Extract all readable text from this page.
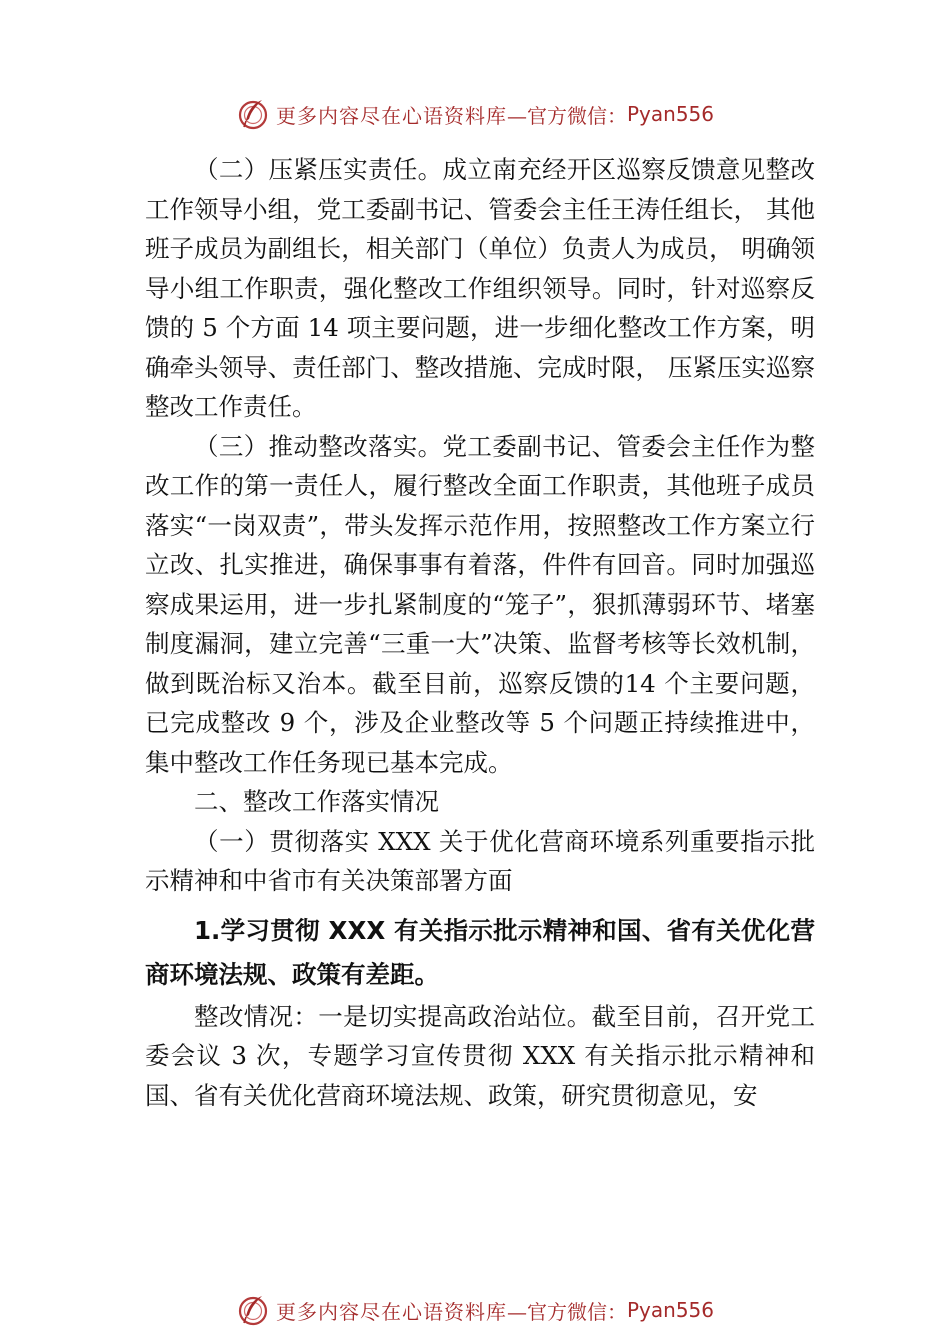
更多内容尽在心语资料库 —官方微信： Pyan556

（二）压紧压实责任。成立南充经开区巡察反馈意见整改工作领导小组，党工委副书记、管委会主任王涛任组长， 其他班子成员为副组长，相关部门（单位）负责人为成员， 明确领导小组工作职责，强化整改工作组织领导。同时，针对巡察反馈的 5 个方面 14 项主要问题，进一步细化整改工作方案，明确牵头领导、责任部门、整改措施、完成时限， 压紧压实巡察整改工作责任。

（三）推动整改落实。党工委副书记、管委会主任作为整改工作的第一责任人，履行整改全面工作职责，其他班子成员落实“一岗双责”，带头发挥示范作用，按照整改工作方案立行立改、扎实推进，确保事事有着落，件件有回音。同时加强巡察成果运用，进一步扎紧制度的“笼子”，狠抓薄弱环节、堵塞制度漏洞，建立完善“三重一大”决策、监督考核等长效机制，做到既治标又治本。截至目前，巡察反馈的14 个主要问题，已完成整改 9 个，涉及企业整改等 5 个问题正持续推进中，集中整改工作任务现已基本完成。

二、整改工作落实情况

（一）贯彻落实 XXX 关于优化营商环境系列重要指示批示精神和中省市有关决策部署方面

1.学习贯彻 XXX 有关指示批示精神和国、省有关优化营商环境法规、政策有差距。

整改情况：一是切实提高政治站位。截至目前，召开党工委会议 3 次，专题学习宣传贯彻 XXX 有关指示批示精神和国、省有关优化营商环境法规、政策，研究贯彻意见，安

更多内容尽在心语资料库 —官方微信： Pyan556
